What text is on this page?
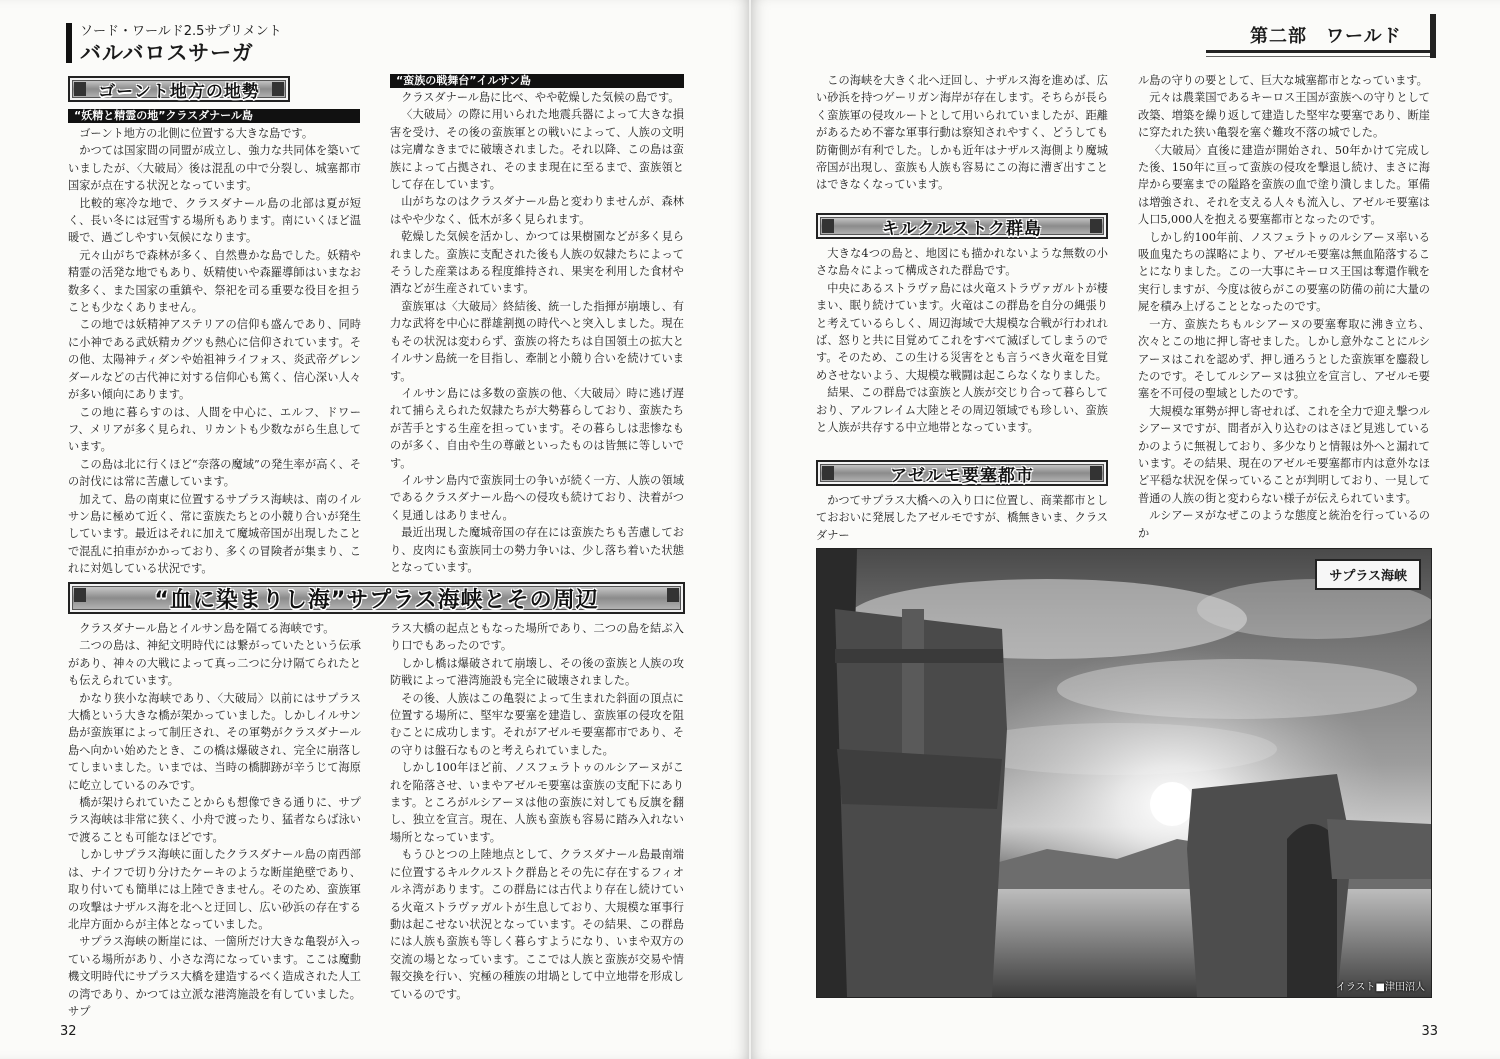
ソード・ワールド2.5サプリメント
バルバロスサーガ
ゴーント地方の地勢
“妖精と精霊の地”クラスダナール島

ゴーント地方の北側に位置する大きな島です。

かつては国家間の同盟が成立し、強力な共同体を築いていましたが、〈大破局〉後は混乱の中で分裂し、城塞都市国家が点在する状況となっています。

比較的寒冷な地で、クラスダナール島の北部は夏が短く、長い冬には冠雪する場所もあります。南にいくほど温暖で、過ごしやすい気候になります。

元々山がちで森林が多く、自然豊かな島でした。妖精や精霊の活発な地でもあり、妖精使いや森羅導師はいまなお数多く、また国家の重鎮や、祭祀を司る重要な役目を担うことも少なくありません。

この地では妖精神アステリアの信仰も盛んであり、同時に小神である武妖精カグツも熱心に信仰されています。その他、太陽神ティダンや始祖神ライフォス、炎武帝グレンダールなどの古代神に対する信仰心も篤く、信心深い人々が多い傾向にあります。

この地に暮らすのは、人間を中心に、エルフ、ドワーフ、メリアが多く見られ、リカントも少数ながら生息しています。

この島は北に行くほど“奈落の魔域”の発生率が高く、その討伐には常に苦慮しています。

加えて、島の南東に位置するサプラス海峡は、南のイルサン島に極めて近く、常に蛮族たちとの小競り合いが発生しています。最近はそれに加えて魔城帝国が出現したことで混乱に拍車がかかっており、多くの冒険者が集まり、これに対処している状況です。

“蛮族の戦舞台”イルサン島

クラスダナール島に比べ、やや乾燥した気候の島です。

〈大破局〉の際に用いられた地震兵器によって大きな損害を受け、その後の蛮族軍との戦いによって、人族の文明は完膚なきまでに破壊されました。それ以降、この島は蛮族によって占拠され、そのまま現在に至るまで、蛮族領として存在しています。

山がちなのはクラスダナール島と変わりませんが、森林はやや少なく、低木が多く見られます。

乾燥した気候を活かし、かつては果樹園などが多く見られました。蛮族に支配された後も人族の奴隷たちによってそうした産業はある程度維持され、果実を利用した食材や酒などが生産されています。

蛮族軍は〈大破局〉終結後、統一した指揮が崩壊し、有力な武将を中心に群雄割拠の時代へと突入しました。現在もその状況は変わらず、蛮族の将たちは自国領土の拡大とイルサン島統一を目指し、牽制と小競り合いを続けています。

イルサン島には多数の蛮族の他、〈大破局〉時に逃げ遅れて捕らえられた奴隷たちが大勢暮らしており、蛮族たちが苦手とする生産を担っています。その暮らしは悲惨なものが多く、自由や生の尊厳といったものは皆無に等しいです。

イルサン島内で蛮族同士の争いが続く一方、人族の領域であるクラスダナール島への侵攻も続けており、決着がつく見通しはありません。

最近出現した魔城帝国の存在には蛮族たちも苦慮しており、皮肉にも蛮族同士の勢力争いは、少し落ち着いた状態となっています。

“血に染まりし海”サプラス海峡とその周辺

クラスダナール島とイルサン島を隔てる海峡です。

二つの島は、神紀文明時代には繋がっていたという伝承があり、神々の大戦によって真っ二つに分け隔てられたとも伝えられています。

かなり狭小な海峡であり、〈大破局〉以前にはサプラス大橋という大きな橋が架かっていました。しかしイルサン島が蛮族軍によって制圧され、その軍勢がクラスダナール島へ向かい始めたとき、この橋は爆破され、完全に崩落してしまいました。いまでは、当時の橋脚跡が辛うじて海原に屹立しているのみです。

橋が架けられていたことからも想像できる通りに、サプラス海峡は非常に狭く、小舟で渡ったり、猛者ならば泳いで渡ることも可能なほどです。

しかしサプラス海峡に面したクラスダナール島の南西部は、ナイフで切り分けたケーキのような断崖絶壁であり、取り付いても簡単には上陸できません。そのため、蛮族軍の攻撃はナザルス海を北へと迂回し、広い砂浜の存在する北岸方面からが主体となっていました。

サプラス海峡の断崖には、一箇所だけ大きな亀裂が入っている場所があり、小さな湾になっています。ここは魔動機文明時代にサプラス大橋を建造するべく造成された人工の湾であり、かつては立派な港湾施設を有していました。サプ

ラス大橋の起点ともなった場所であり、二つの島を結ぶ入り口でもあったのです。

しかし橋は爆破されて崩壊し、その後の蛮族と人族の攻防戦によって港湾施設も完全に破壊されました。

その後、人族はこの亀裂によって生まれた斜面の頂点に位置する場所に、堅牢な要塞を建造し、蛮族軍の侵攻を阻むことに成功します。それがアゼルモ要塞都市であり、その守りは盤石なものと考えられていました。

しかし100年ほど前、ノスフェラトゥのルシアーヌがこれを陥落させ、いまやアゼルモ要塞は蛮族の支配下にあります。ところがルシアーヌは他の蛮族に対しても反旗を翻し、独立を宣言。現在、人族も蛮族も容易に踏み入れない場所となっています。

もうひとつの上陸地点として、クラスダナール島最南端に位置するキルクルストク群島とその先に存在するフィオルネ湾があります。この群島には古代より存在し続けている火竜ストラヴァガルトが生息しており、大規模な軍事行動は起こせない状況となっています。その結果、この群島には人族も蛮族も等しく暮らすようになり、いまや双方の交流の場となっています。ここでは人族と蛮族が交易や情報交換を行い、究極の種族の坩堝として中立地帯を形成しているのです。

32
第二部　ワールド

この海峡を大きく北へ迂回し、ナザルス海を進めば、広い砂浜を持つゲーリガン海岸が存在します。そちらが長らく蛮族軍の侵攻ルートとして用いられていましたが、距離があるため不審な軍事行動は察知されやすく、どうしても防衛側が有利でした。しかも近年はナザルス海側より魔城帝国が出現し、蛮族も人族も容易にこの海に漕ぎ出すことはできなくなっています。

キルクルストク群島

大きな4つの島と、地図にも描かれないような無数の小さな島々によって構成された群島です。

中央にあるストラヴァ島には火竜ストラヴァガルトが棲まい、眠り続けています。火竜はこの群島を自分の縄張りと考えているらしく、周辺海域で大規模な合戦が行われれば、怒りと共に目覚めてこれをすべて滅ぼしてしまうのです。そのため、この生ける災害をとも言うべき火竜を目覚めさせないよう、大規模な戦闘は起こらなくなりました。

結果、この群島では蛮族と人族が交じり合って暮らしており、アルフレイム大陸とその周辺領域でも珍しい、蛮族と人族が共存する中立地帯となっています。

アゼルモ要塞都市

かつてサプラス大橋への入り口に位置し、商業都市としておおいに発展したアゼルモですが、橋無きいま、クラスダナー

ル島の守りの要として、巨大な城塞都市となっています。

元々は農業国であるキーロス王国が蛮族への守りとして改築、増築を繰り返して建造した堅牢な要塞であり、断崖に穿たれた狭い亀裂を塞ぐ難攻不落の城でした。

〈大破局〉直後に建造が開始され、50年かけて完成した後、150年に亘って蛮族の侵攻を撃退し続け、まさに海岸から要塞までの隘路を蛮族の血で塗り潰しました。軍備は増強され、それを支える人々も流入し、アゼルモ要塞は人口5,000人を抱える要塞都市となったのです。

しかし約100年前、ノスフェラトゥのルシアーヌ率いる吸血鬼たちの謀略により、アゼルモ要塞は無血陥落することになりました。この一大事にキーロス王国は奪還作戦を実行しますが、今度は彼らがこの要塞の防備の前に大量の屍を積み上げることとなったのです。

一方、蛮族たちもルシアーヌの要塞奪取に沸き立ち、次々とこの地に押し寄せました。しかし意外なことにルシアーヌはこれを認めず、押し通ろうとした蛮族軍を鏖殺したのです。そしてルシアーヌは独立を宣言し、アゼルモ要塞を不可侵の聖域としたのです。

大規模な軍勢が押し寄せれば、これを全力で迎え撃つルシアーヌですが、間者が入り込むのはさほど見逃しているかのように無視しており、多少なりと情報は外へと漏れています。その結果、現在のアゼルモ要塞都市内は意外なほど平穏な状況を保っていることが判明しており、一見して普通の人族の街と変わらない様子が伝えられています。

ルシアーヌがなぜこのような態度と統治を行っているのか

サプラス海峡
イラスト■津田沼人
33
